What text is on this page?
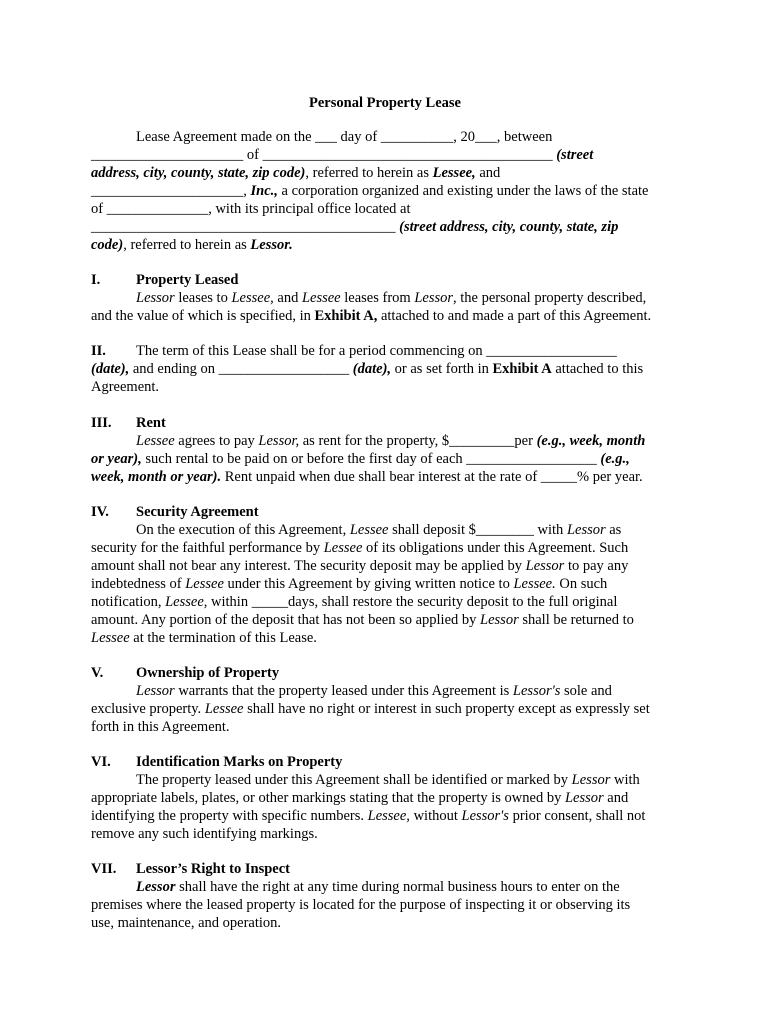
Personal Property Lease
Lease Agreement made on the ___ day of __________, 20___, between
_____________________ of ________________________________________ (street
address, city, county, state, zip code), referred to herein as Lessee, and
_____________________, Inc., a corporation organized and existing under the laws of the state
of ______________, with its principal office located at
__________________________________________ (street address, city, county, state, zip
code), referred to herein as Lessor.
I. Property Leased
Lessor leases to Lessee, and Lessee leases from Lessor, the personal property described,
and the value of which is specified, in Exhibit A, attached to and made a part of this Agreement.
II. The term of this Lease shall be for a period commencing on __________________
(date), and ending on __________________ (date), or as set forth in Exhibit A attached to this
Agreement.
III. Rent
Lessee agrees to pay Lessor, as rent for the property, $_________per (e.g., week, month
or year), such rental to be paid on or before the first day of each __________________ (e.g.,
week, month or year). Rent unpaid when due shall bear interest at the rate of _____% per year.
IV. Security Agreement
On the execution of this Agreement, Lessee shall deposit $________ with Lessor as
security for the faithful performance by Lessee of its obligations under this Agreement. Such
amount shall not bear any interest. The security deposit may be applied by Lessor to pay any
indebtedness of Lessee under this Agreement by giving written notice to Lessee. On such
notification, Lessee, within _____days, shall restore the security deposit to the full original
amount. Any portion of the deposit that has not been so applied by Lessor shall be returned to
Lessee at the termination of this Lease.
V. Ownership of Property
Lessor warrants that the property leased under this Agreement is Lessor's sole and
exclusive property. Lessee shall have no right or interest in such property except as expressly set
forth in this Agreement.
VI. Identification Marks on Property
The property leased under this Agreement shall be identified or marked by Lessor with
appropriate labels, plates, or other markings stating that the property is owned by Lessor and
identifying the property with specific numbers. Lessee, without Lessor's prior consent, shall not
remove any such identifying markings.
VII. Lessor’s Right to Inspect
Lessor shall have the right at any time during normal business hours to enter on the
premises where the leased property is located for the purpose of inspecting it or observing its
use, maintenance, and operation.
